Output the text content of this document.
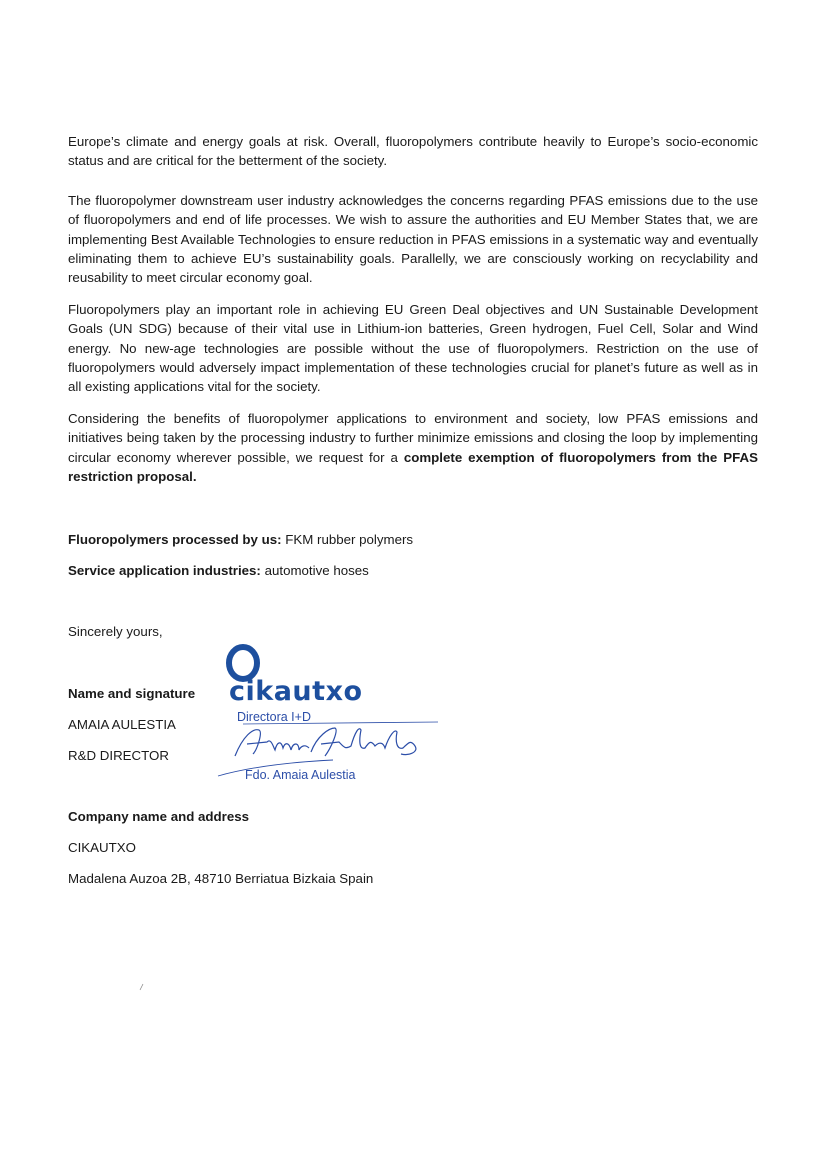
Europe’s climate and energy goals at risk. Overall, fluoropolymers contribute heavily to Europe’s socio-economic status and are critical for the betterment of the society.

The fluoropolymer downstream user industry acknowledges the concerns regarding PFAS emissions due to the use of fluoropolymers and end of life processes. We wish to assure the authorities and EU Member States that, we are implementing Best Available Technologies to ensure reduction in PFAS emissions in a systematic way and eventually eliminating them to achieve EU’s sustainability goals. Parallelly, we are consciously working on recyclability and reusability to meet circular economy goal.

Fluoropolymers play an important role in achieving EU Green Deal objectives and UN Sustainable Development Goals (UN SDG) because of their vital use in Lithium-ion batteries, Green hydrogen, Fuel Cell, Solar and Wind energy. No new-age technologies are possible without the use of fluoropolymers. Restriction on the use of fluoropolymers would adversely impact implementation of these technologies crucial for planet’s future as well as in all existing applications vital for the society.

Considering the benefits of fluoropolymer applications to environment and society, low PFAS emissions and initiatives being taken by the processing industry to further minimize emissions and closing the loop by implementing circular economy wherever possible, we request for a complete exemption of fluoropolymers from the PFAS restriction proposal.

Fluoropolymers processed by us: FKM rubber polymers
Service application industries: automotive hoses
Sincerely yours,
Name and signature
AMAIA AULESTIA
R&D DIRECTOR
cikautxo
Directora I+D
Fdo. Amaia Aulestia
Company name and address
CIKAUTXO
Madalena Auzoa 2B, 48710 Berriatua Bizkaia Spain
